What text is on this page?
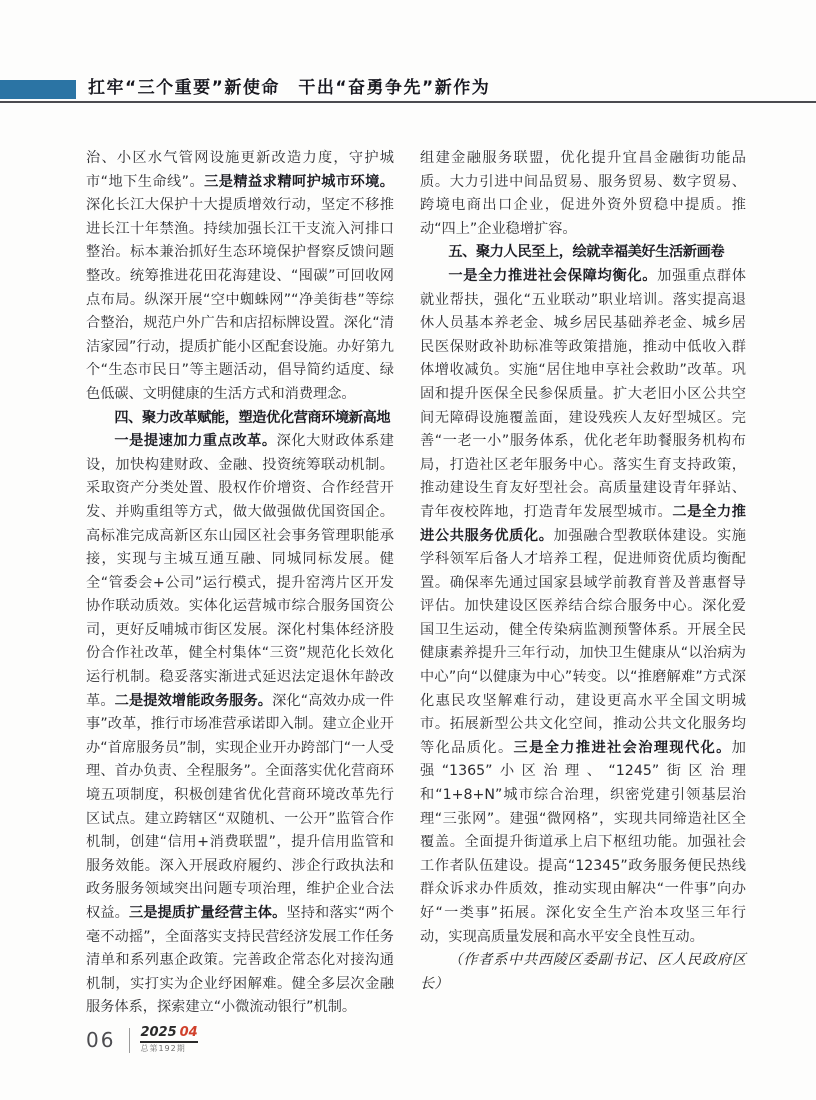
扛牢“三个重要”新使命　干出“奋勇争先”新作为

治、小区水气管网设施更新改造力度，守护城市“地下生命线”。三是精益求精呵护城市环境。深化长江大保护十大提质增效行动，坚定不移推进长江十年禁渔。持续加强长江干支流入河排口整治。标本兼治抓好生态环境保护督察反馈问题整改。统筹推进花田花海建设、“囤碳”可回收网点布局。纵深开展“空中蜘蛛网”“净美街巷”等综合整治，规范户外广告和店招标牌设置。深化“清洁家园”行动，提质扩能小区配套设施。办好第九个“生态市民日”等主题活动，倡导简约适度、绿色低碳、文明健康的生活方式和消费理念。

四、聚力改革赋能，塑造优化营商环境新高地

一是提速加力重点改革。深化大财政体系建设，加快构建财政、金融、投资统筹联动机制。采取资产分类处置、股权作价增资、合作经营开发、并购重组等方式，做大做强做优国资国企。高标准完成高新区东山园区社会事务管理职能承接，实现与主城互通互融、同城同标发展。健全“管委会+公司”运行模式，提升窑湾片区开发协作联动质效。实体化运营城市综合服务国资公司，更好反哺城市街区发展。深化村集体经济股份合作社改革，健全村集体“三资”规范化长效化运行机制。稳妥落实渐进式延迟法定退休年龄改革。二是提效增能政务服务。深化“高效办成一件事”改革，推行市场准营承诺即入制。建立企业开办“首席服务员”制，实现企业开办跨部门“一人受理、首办负责、全程服务”。全面落实优化营商环境五项制度，积极创建省优化营商环境改革先行区试点。建立跨辖区“双随机、一公开”监管合作机制，创建“信用+消费联盟”，提升信用监管和服务效能。深入开展政府履约、涉企行政执法和政务服务领域突出问题专项治理，维护企业合法权益。三是提质扩量经营主体。坚持和落实“两个毫不动摇”，全面落实支持民营经济发展工作任务清单和系列惠企政策。完善政企常态化对接沟通机制，实打实为企业纾困解难。健全多层次金融服务体系，探索建立“小微流动银行”机制。

组建金融服务联盟，优化提升宜昌金融街功能品质。大力引进中间品贸易、服务贸易、数字贸易、跨境电商出口企业，促进外资外贸稳中提质。推动“四上”企业稳增扩容。

五、聚力人民至上，绘就幸福美好生活新画卷

一是全力推进社会保障均衡化。加强重点群体就业帮扶，强化“五业联动”职业培训。落实提高退休人员基本养老金、城乡居民基础养老金、城乡居民医保财政补助标准等政策措施，推动中低收入群体增收减负。实施“居住地申享社会救助”改革。巩固和提升医保全民参保质量。扩大老旧小区公共空间无障碍设施覆盖面，建设残疾人友好型城区。完善“一老一小”服务体系，优化老年助餐服务机构布局，打造社区老年服务中心。落实生育支持政策，推动建设生育友好型社会。高质量建设青年驿站、青年夜校阵地，打造青年发展型城市。二是全力推进公共服务优质化。加强融合型教联体建设。实施学科领军后备人才培养工程，促进师资优质均衡配置。确保率先通过国家县域学前教育普及普惠督导评估。加快建设区医养结合综合服务中心。深化爱国卫生运动，健全传染病监测预警体系。开展全民健康素养提升三年行动，加快卫生健康从“以治病为中心”向“以健康为中心”转变。以“推磨解难”方式深化惠民攻坚解难行动，建设更高水平全国文明城市。拓展新型公共文化空间，推动公共文化服务均等化品质化。三是全力推进社会治理现代化。加强“1365”小区治理、“1245”街区治理和“1+8+N”城市综合治理，织密党建引领基层治理“三张网”。建强“微网格”，实现共同缔造社区全覆盖。全面提升街道承上启下枢纽功能。加强社会工作者队伍建设。提高“12345”政务服务便民热线群众诉求办件质效，推动实现由解决“一件事”向办好“一类事”拓展。深化安全生产治本攻坚三年行动，实现高质量发展和高水平安全良性互动。

（作者系中共西陵区委副书记、区人民政府区长）

06 2025 04
总第192期
